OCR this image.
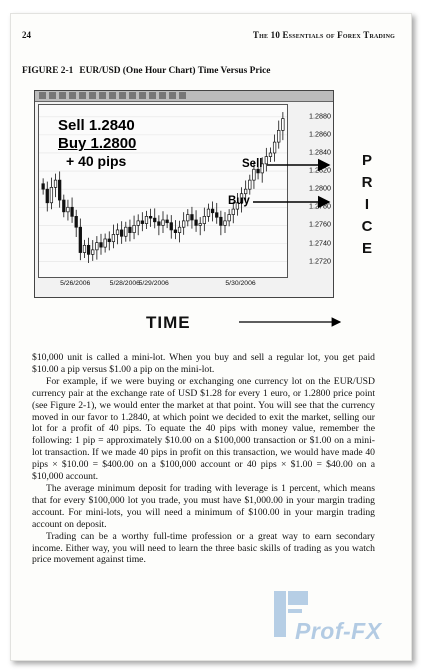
24	The 10 Essentials of Forex Trading
FIGURE 2-1 EUR/USD (One Hour Chart) Time Versus Price
1.2880
1.2860
1.2840
1.2820
1.2800
1.2780
1.2760
1.2740
1.2720
5/26/2006	5/28/2006
5/29/2006	5/30/2006
Sell 1.2840
Buy 1.2800
+ 40 pips	Sell
Buy
P
R
I
C
E
TIME

$10,000 unit is called a mini-lot. When you buy and sell a regular lot, you get paid $10.00 a pip versus $1.00 a pip on the mini-lot.

For example, if we were buying or exchanging one currency lot on the EUR/USD currency pair at the exchange rate of USD $1.28 for every 1 euro, or 1.2800 price point (see Figure 2-1), we would enter the market at that point. You will see that the currency moved in our favor to 1.2840, at which point we decided to exit the market, selling our lot for a profit of 40 pips. To equate the 40 pips with money value, remember the following: 1 pip = approximately $10.00 on a $100,000 transaction or $1.00 on a mini-lot transaction. If we made 40 pips in profit on this transaction, we would have made 40 pips × $10.00 = $400.00 on a $100,000 account or 40 pips × $1.00 = $40.00 on a $10,000 account.

The average minimum deposit for trading with leverage is 1 percent, which means that for every $100,000 lot you trade, you must have $1,000.00 in your margin trading account. For mini-lots, you will need a minimum of $100.00 in your margin trading account on deposit.

Trading can be a worthy full-time profession or a great way to earn secondary income. Either way, you will need to learn the three basic skills of trading as you watch price movement against time.

Prof-FX
